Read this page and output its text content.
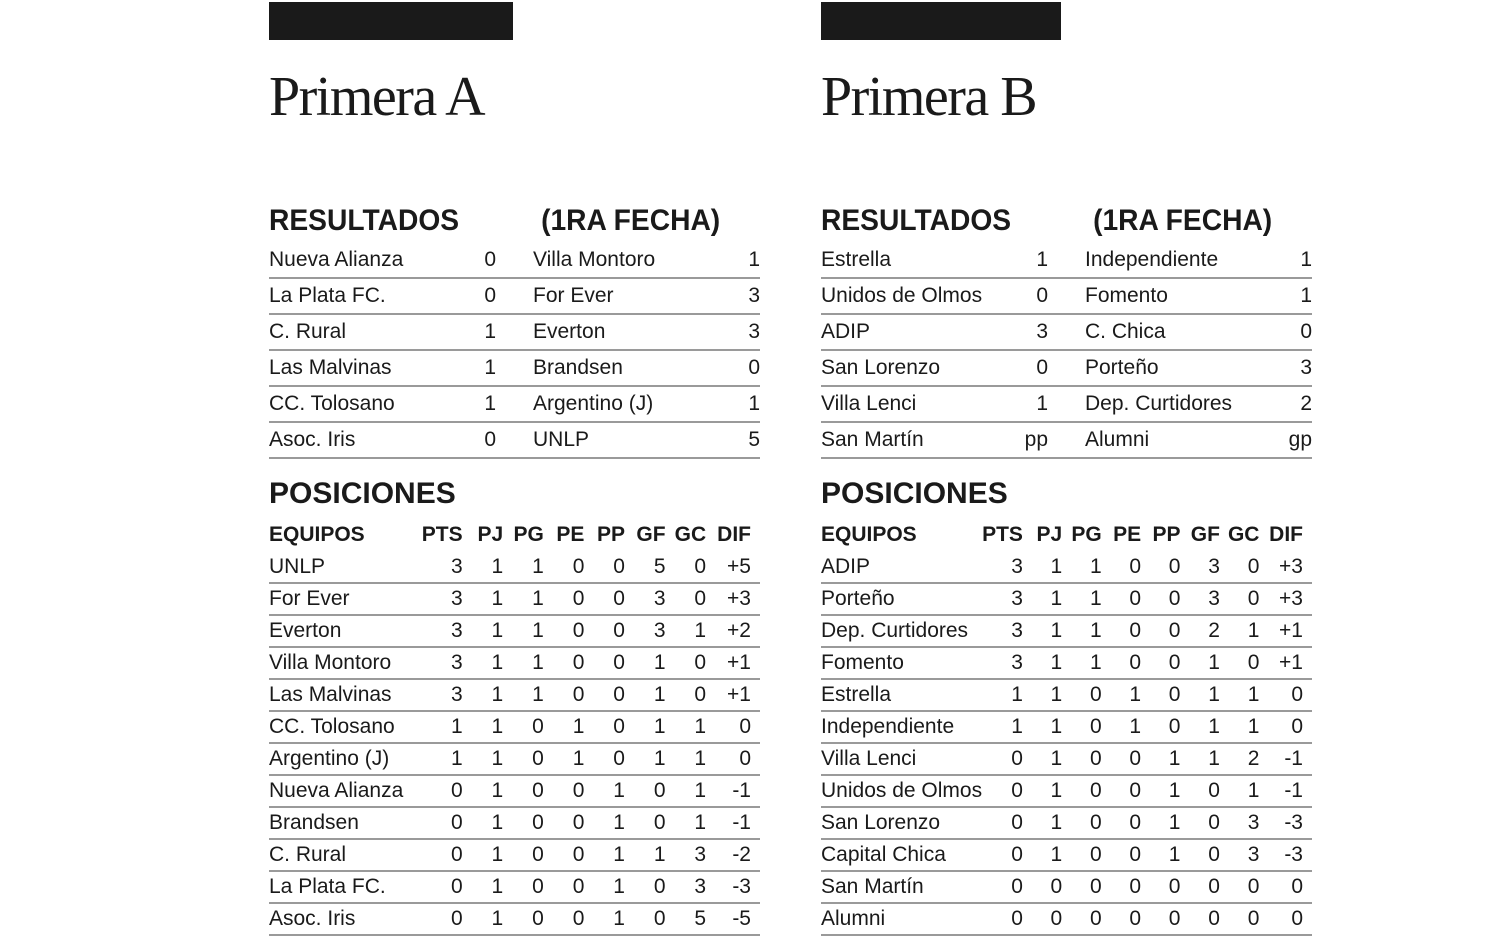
Primera A
RESULTADOS	(1RA FECHA)
Nueva Alianza	0		Villa Montoro	1
La Plata FC.	0		For Ever	3
C. Rural	1		Everton	3
Las Malvinas	1		Brandsen	0
CC. Tolosano	1		Argentino (J)	1
Asoc. Iris	0		UNLP	5
POSICIONES
EQUIPOS	PTS	PJ	PG	PE	PP	GF	GC	DIF
UNLP	3	1	1	0	0	5	0	+5
For Ever	3	1	1	0	0	3	0	+3
Everton	3	1	1	0	0	3	1	+2
Villa Montoro	3	1	1	0	0	1	0	+1
Las Malvinas	3	1	1	0	0	1	0	+1
CC. Tolosano	1	1	0	1	0	1	1	0
Argentino (J)	1	1	0	1	0	1	1	0
Nueva Alianza	0	1	0	0	1	0	1	-1
Brandsen	0	1	0	0	1	0	1	-1
C. Rural	0	1	0	0	1	1	3	-2
La Plata FC.	0	1	0	0	1	0	3	-3
Asoc. Iris	0	1	0	0	1	0	5	-5
Primera B
RESULTADOS	(1RA FECHA)
Estrella	1		Independiente	1
Unidos de Olmos	0		Fomento	1
ADIP	3		C. Chica	0
San Lorenzo	0		Porteño	3
Villa Lenci	1		Dep. Curtidores	2
San Martín	pp		Alumni	gp
POSICIONES
EQUIPOS	PTS	PJ	PG	PE	PP	GF	GC	DIF
ADIP	3	1	1	0	0	3	0	+3
Porteño	3	1	1	0	0	3	0	+3
Dep. Curtidores	3	1	1	0	0	2	1	+1
Fomento	3	1	1	0	0	1	0	+1
Estrella	1	1	0	1	0	1	1	0
Independiente	1	1	0	1	0	1	1	0
Villa Lenci	0	1	0	0	1	1	2	-1
Unidos de Olmos	0	1	0	0	1	0	1	-1
San Lorenzo	0	1	0	0	1	0	3	-3
Capital Chica	0	1	0	0	1	0	3	-3
San Martín	0	0	0	0	0	0	0	0
Alumni	0	0	0	0	0	0	0	0
